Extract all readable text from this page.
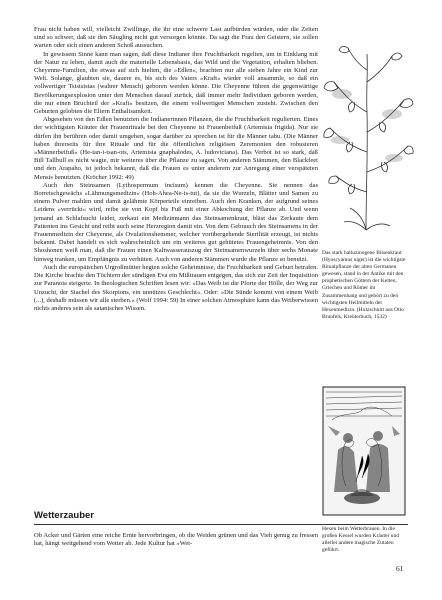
Frau nicht haben will, vielleicht Zwillinge, die ihr eine schwere Last aufbürden würden, oder die Zeiten sind so schwer, daß sie den Säugling nicht gut versorgen könnte. Da sagt die Frau den Geistern, sie sollen warten oder sich einen anderen Schoß aussuchen.

In gewissem Sinne kann man sagen, daß diese Indianer ihre Fruchtbarkeit regelten, um in Einklang mit der Natur zu leben, damit auch die materielle Lebensbasis, das Wild und die Vegetation, erhalten blieben. Cheyenne-Familien, die etwas auf sich hielten, die »Edlen«, brachten nur alle sieben Jahre ein Kind zur Welt. Solange, glaubten sie, dauere es, bis sich des Vaters »Kraft« wieder voll ansammle, so daß ein vollwertiger Tsistsistas (wahrer Mensch) geboren werden könne. Die Cheyenne führen die gegenwärtige Bevölkerungsexplosion unter den Menschen darauf zurück, daß immer mehr Individuen geboren werden, die nur einen Bruchteil der »Kraft« besitzen, die einem vollwertigen Menschen zusteht. Zwischen den Geburten gelobten die Eltern Enthaltsamkeit.

Abgesehen von den Edlen benutzten die Indianerinnen Pflanzen, die die Fruchtbarkeit regulierten. Eines der wichtigsten Kräuter der Frauenrituale bei den Cheyenne ist Frauenbeifuß (Artemisia frigida). Nur sie dürfen ihn berühren oder damit umgehen, sogar darüber zu sprechen ist für die Männer tabu. (Die Männer haben ihrerseits für ihre Rituale und für die öffentlichen religiösen Zeremonien den robusteren »Männerbeifuß« (He-tan-i-tsan-ots, Artemisia gnaphalodes, A. ludoviciana). Das Verbot ist so stark, daß Bill Tallbull es nicht wagte, mir weiteres über die Pflanze zu sagen. Von anderen Stämmen, den Blackfeet und den Arapaho, ist jedoch bekannt, daß die Frauen es unter anderem zur Anregung einer verspäteten Mensis benutzten. (Kröcher 1992: 49)

Auch den Steinsamen (Lythospermum incisum) kennen die Cheyenne. Sie nennen das Borretschgewächs »Lähmungsmedizin« (Hoh-Ahea-Ne-is-tut), da sie die Wurzeln, Blätter und Samen zu einem Pulver mahlen und damit gelähmte Körperteile einreiben. Auch den Kranken, der aufgrund seines Leidens »verrückt« wird, reibe sie von Kopf bis Fuß mit einer Abkochung der Pflanze ab. Und wenn jemand an Schlafsucht leidet, zerkaut ein Medizinmann das Steinsamenkraut, bläst das Zerkaute dem Patienten ins Gesicht und reibt auch seine Herzregion damit ein. Von dem Gebrauch des Steinsamens in der Frauenmedizin der Cheyenne, als Ovulationshemmer, welcher vorübergehende Sterilität erzeugt, ist nichts bekannt. Dabei handelt es sich wahrscheinlich um ein weiteres gut gehütetes Frauengeheimnis. Von den Shoshonen weiß man, daß die Frauen einen Kaltwasserauszug der Steinsamenwurzeln über sechs Monate hinweg tranken, um Empfängnis zu verhüten. Auch von anderen Stämmen wurde die Pflanze so benutzt.

Auch die europäischen Urgroßmütter hegten solche Geheimnisse, die Fruchtbarkeit und Geburt betrafen. Die Kirche brachte den Töchtern der sündigen Eva ein Mißtrauen entgegen, das sich zur Zeit der Inquisition zur Paranoia steigerte. In theologischen Schriften lesen wir: »Das Weib ist die Pforte der Hölle, der Weg zur Unzucht, der Stachel des Skorpions, ein unnützes Geschlecht«. Oder: »Die Sünde kommt von einem Weib (...), deshalb müssen wir alle sterben.« (Wolf 1994: 59) In einer solchen Atmosphäre kann das Weiberwissen nichts anderes sein als satanisches Wissen.

Das stark halluzinogene Bilsenkraut (Hyoscyamus niger) ist die wichtigste Ritualpflanze der alten Germanen gewesen, stand in der Antike mit den prophetischen Göttern der Kelten, Griechen und Römer im Zusammenhang und gehört zu den wichtigsten Heilmitteln der Hexenmedizin. (Holzschnitt aus Otto Brunfels, Kreüterbuch, 1532)

Hexen beim Wetterbrauen. In die großen Kessel wurden Kräuter und allerlei andere magische Zutaten geführt.

Wetterzauber

Ob Acker und Gärten eine reiche Ernte hervorbringen, ob die Weiden grünen und das Vieh genug zu fressen hat, hängt weitgehend vom Wetter ab. Jede Kultur hat »Wet-

61
